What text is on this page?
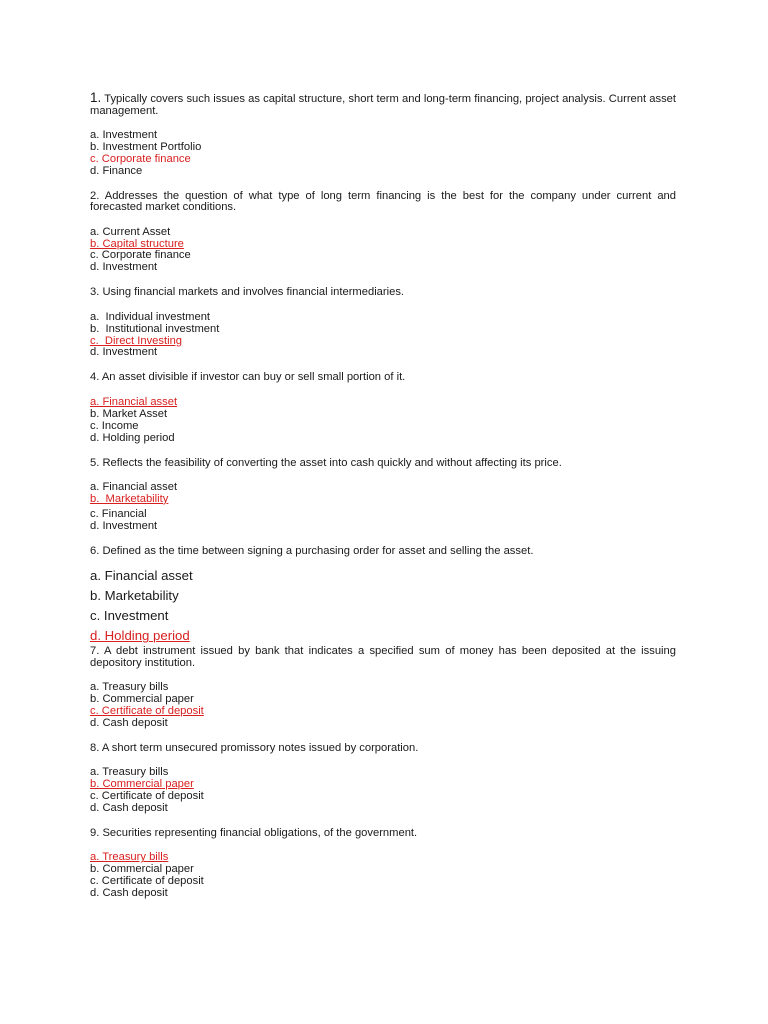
1. Typically covers such issues as capital structure, short term and long-term financing, project analysis. Current asset management.

a. Investment
b. Investment Portfolio
c. Corporate finance
d. Finance

2. Addresses the question of what type of long term financing is the best for the company under current and forecasted market conditions.

a. Current Asset
b. Capital structure
c. Corporate finance
d. Investment

3. Using financial markets and involves financial intermediaries.

a.  Individual investment
b.  Institutional investment
c.  Direct Investing
d. Investment

4. An asset divisible if investor can buy or sell small portion of it.

a. Financial asset
b. Market Asset
c. Income
d. Holding period

5. Reflects the feasibility of converting the asset into cash quickly and without affecting its price.

a. Financial asset
b.  Marketability
c. Financial
d. Investment

6. Defined as the time between signing a purchasing order for asset and selling the asset.

a. Financial asset
b. Marketability
c. Investment
d. Holding period

7. A debt instrument issued by bank that indicates a specified sum of money has been deposited at the issuing depository institution.

a. Treasury bills
b. Commercial paper
c. Certificate of deposit
d. Cash deposit

8. A short term unsecured promissory notes issued by corporation.

a. Treasury bills
b. Commercial paper
c. Certificate of deposit
d. Cash deposit

9. Securities representing financial obligations, of the government.

a. Treasury bills
b. Commercial paper
c. Certificate of deposit
d. Cash deposit
